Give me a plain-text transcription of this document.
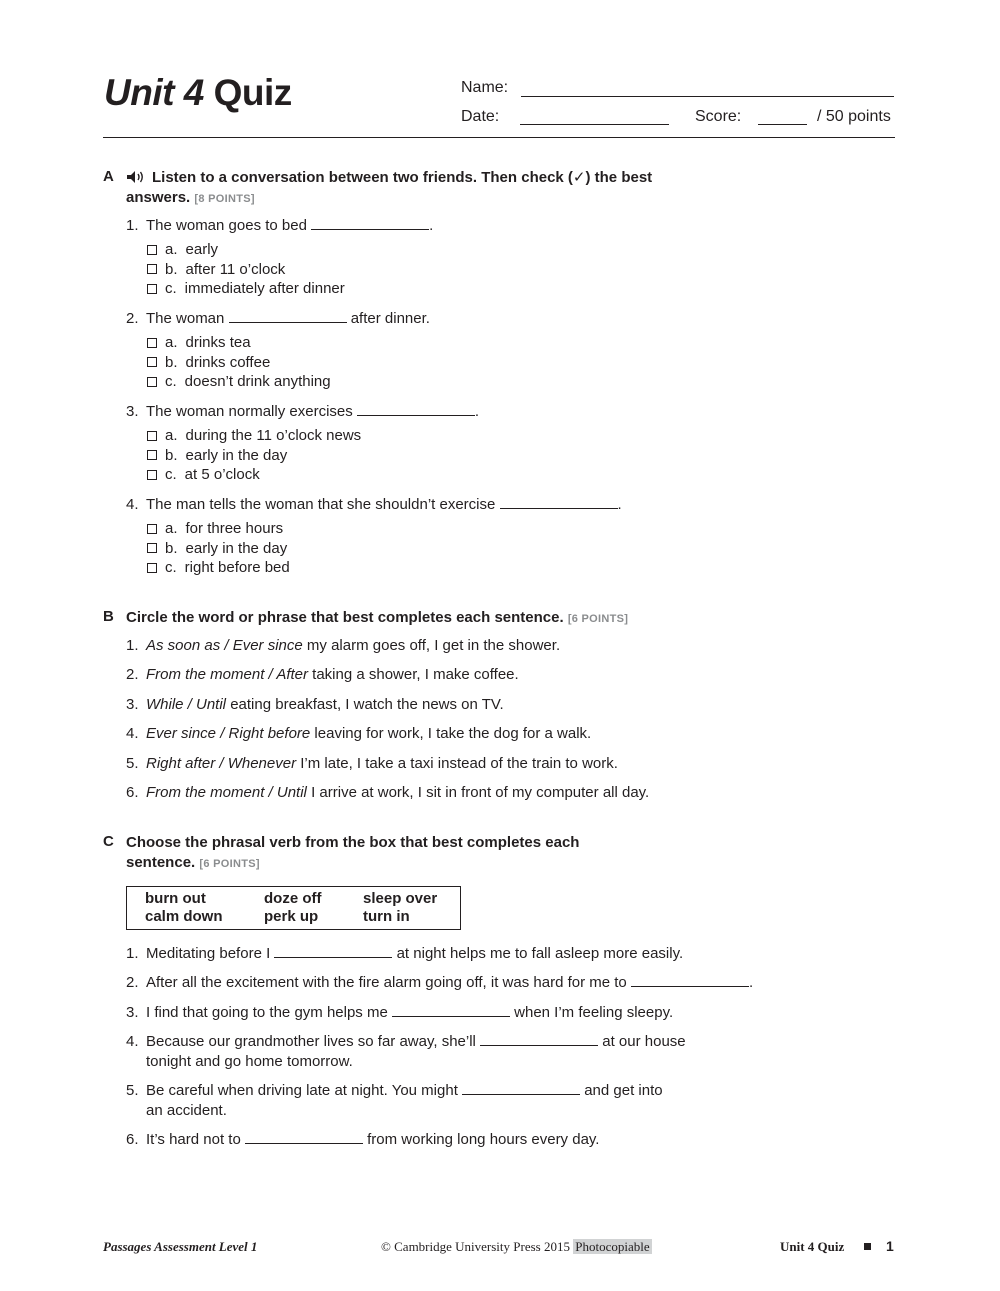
Unit 4 Quiz	Name:
Date:	Score:	/ 50 points
A	Listen to a conversation between two friends. Then check (✓) the best answers. [8 POINTS]
1. The woman goes to bed	.
a. early
b. after 11 o’clock
c. immediately after dinner
2. The woman	after dinner.
a. drinks tea
b. drinks coffee
c. doesn’t drink anything
3. The woman normally exercises	.
a. during the 11 o’clock news
b. early in the day
c. at 5 o’clock
4. The man tells the woman that she shouldn’t exercise	.
a. for three hours
b. early in the day
c. right before bed
B Circle the word or phrase that best completes each sentence. [6 POINTS]
1. As soon as / Ever since my alarm goes off, I get in the shower.
2. From the moment / After taking a shower, I make coffee.
3. While / Until eating breakfast, I watch the news on TV.
4. Ever since / Right before leaving for work, I take the dog for a walk.
5. Right after / Whenever I’m late, I take a taxi instead of the train to work.
6. From the moment / Until I arrive at work, I sit in front of my computer all day.
C Choose the phrasal verb from the box that best completes each
sentence. [6 POINTS]
burn out	doze off	sleep over
calm down	perk up	turn in
1. Meditating before I	at night helps me to fall asleep more easily.
2. After all the excitement with the fire alarm going off, it was hard for me to	.
3. I find that going to the gym helps me	when I’m feeling sleepy.
4. Because our grandmother lives so far away, she’ll	at our house
tonight and go home tomorrow.
5. Be careful when driving late at night. You might	and get into
an accident.
6. It’s hard not to	from working long hours every day.
Passages Assessment Level 1	© Cambridge University Press 2015 Photocopiable	Unit 4 Quiz	1
